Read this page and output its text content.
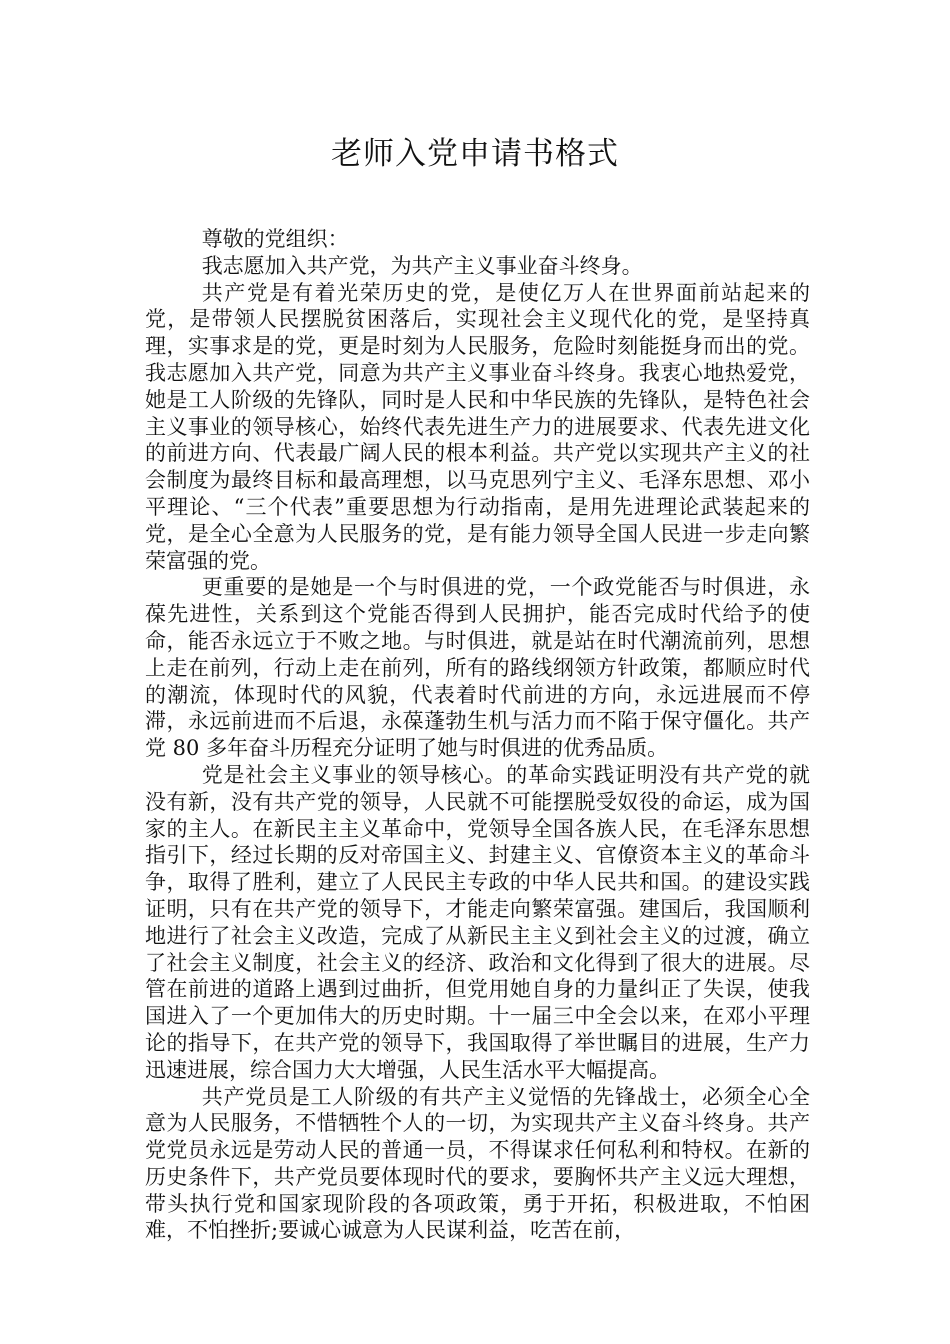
老师入党申请书格式

尊敬的党组织：

我志愿加入共产党，为共产主义事业奋斗终身。

共产党是有着光荣历史的党，是使亿万人在世界面前站起来的党，是带领人民摆脱贫困落后，实现社会主义现代化的党，是坚持真理，实事求是的党，更是时刻为人民服务，危险时刻能挺身而出的党。我志愿加入共产党，同意为共产主义事业奋斗终身。我衷心地热爱党，她是工人阶级的先锋队，同时是人民和中华民族的先锋队，是特色社会主义事业的领导核心，始终代表先进生产力的进展要求、代表先进文化的前进方向、代表最广阔人民的根本利益。共产党以实现共产主义的社会制度为最终目标和最高理想，以马克思列宁主义、毛泽东思想、邓小平理论、“三个代表”重要思想为行动指南，是用先进理论武装起来的党，是全心全意为人民服务的党，是有能力领导全国人民进一步走向繁荣富强的党。

更重要的是她是一个与时俱进的党，一个政党能否与时俱进，永葆先进性，关系到这个党能否得到人民拥护，能否完成时代给予的使命，能否永远立于不败之地。与时俱进，就是站在时代潮流前列，思想上走在前列，行动上走在前列，所有的路线纲领方针政策，都顺应时代的潮流，体现时代的风貌，代表着时代前进的方向，永远进展而不停滞，永远前进而不后退，永葆蓬勃生机与活力而不陷于保守僵化。共产党 80 多年奋斗历程充分证明了她与时俱进的优秀品质。

党是社会主义事业的领导核心。的革命实践证明没有共产党的就没有新，没有共产党的领导，人民就不可能摆脱受奴役的命运，成为国家的主人。在新民主主义革命中，党领导全国各族人民，在毛泽东思想指引下，经过长期的反对帝国主义、封建主义、官僚资本主义的革命斗争，取得了胜利，建立了人民民主专政的中华人民共和国。的建设实践证明，只有在共产党的领导下，才能走向繁荣富强。建国后，我国顺利地进行了社会主义改造，完成了从新民主主义到社会主义的过渡，确立了社会主义制度，社会主义的经济、政治和文化得到了很大的进展。尽管在前进的道路上遇到过曲折，但党用她自身的力量纠正了失误，使我国进入了一个更加伟大的历史时期。十一届三中全会以来，在邓小平理论的指导下，在共产党的领导下，我国取得了举世瞩目的进展，生产力迅速进展，综合国力大大增强，人民生活水平大幅提高。

共产党员是工人阶级的有共产主义觉悟的先锋战士，必须全心全意为人民服务，不惜牺牲个人的一切，为实现共产主义奋斗终身。共产党党员永远是劳动人民的普通一员，不得谋求任何私利和特权。在新的历史条件下，共产党员要体现时代的要求，要胸怀共产主义远大理想，带头执行党和国家现阶段的各项政策，勇于开拓，积极进取，不怕困难，不怕挫折;要诚心诚意为人民谋利益，吃苦在前，
